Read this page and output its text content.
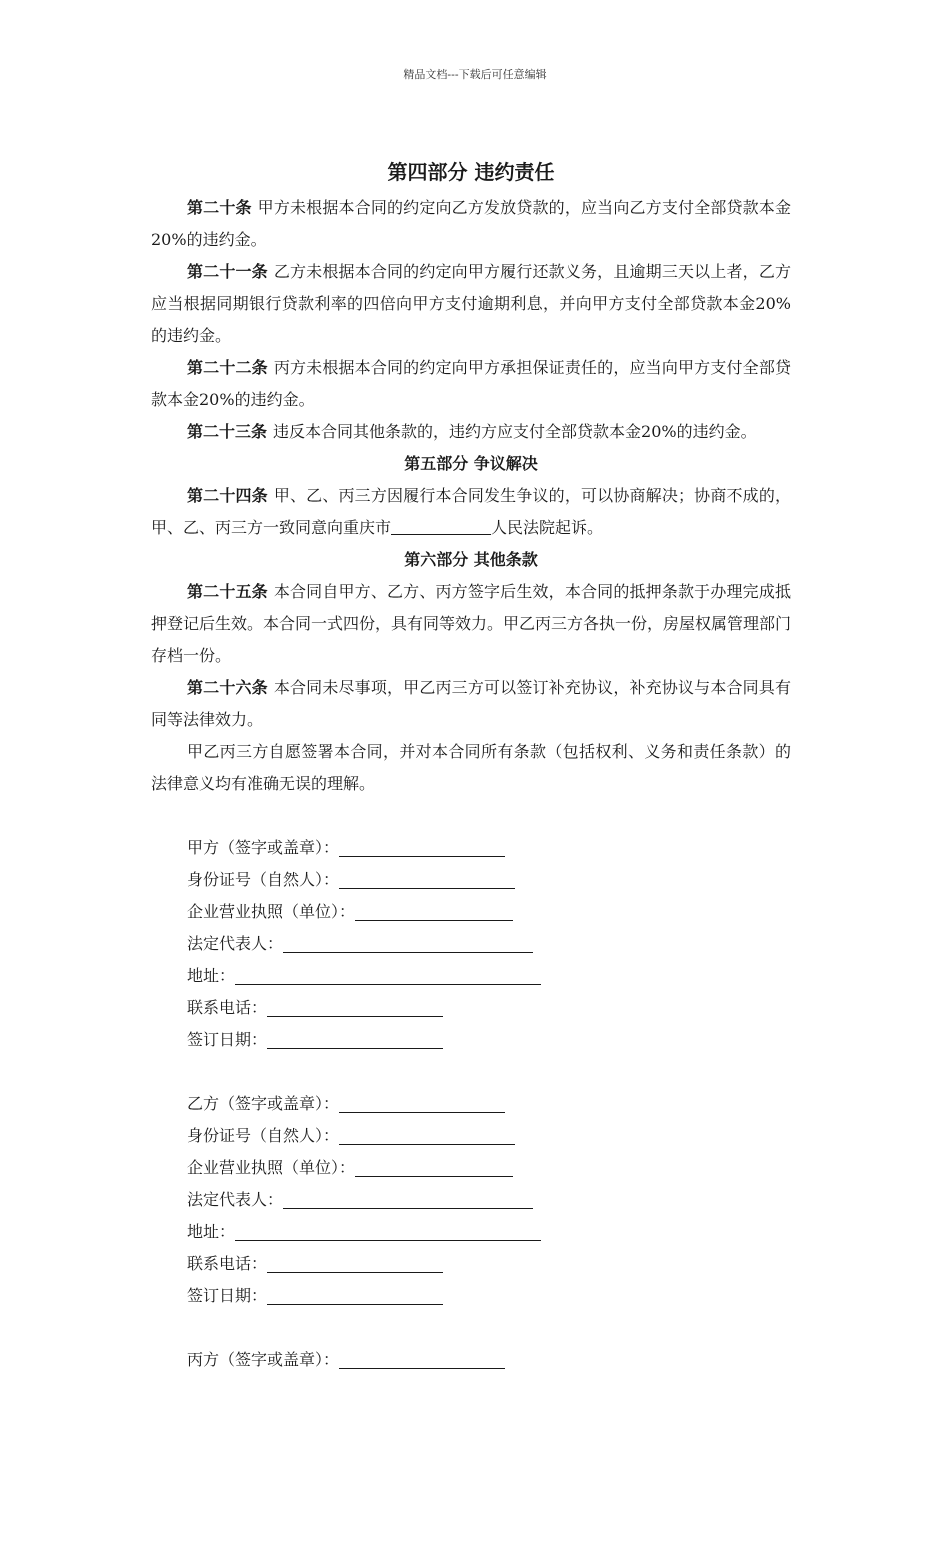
精品文档---下载后可任意编辑
第四部分 违约责任

第二十条 甲方未根据本合同的约定向乙方发放贷款的，应当向乙方支付全部贷款本金20%的违约金。

第二十一条 乙方未根据本合同的约定向甲方履行还款义务，且逾期三天以上者，乙方应当根据同期银行贷款利率的四倍向甲方支付逾期利息，并向甲方支付全部贷款本金20%的违约金。

第二十二条 丙方未根据本合同的约定向甲方承担保证责任的，应当向甲方支付全部贷款本金20%的违约金。

第二十三条 违反本合同其他条款的，违约方应支付全部贷款本金20%的违约金。

第五部分 争议解决

第二十四条 甲、乙、丙三方因履行本合同发生争议的，可以协商解决；协商不成的，甲、乙、丙三方一致同意向重庆市	人民法院起诉。

第六部分 其他条款

第二十五条 本合同自甲方、乙方、丙方签字后生效，本合同的抵押条款于办理完成抵押登记后生效。本合同一式四份，具有同等效力。甲乙丙三方各执一份，房屋权属管理部门存档一份。

第二十六条 本合同未尽事项，甲乙丙三方可以签订补充协议，补充协议与本合同具有同等法律效力。

甲乙丙三方自愿签署本合同，并对本合同所有条款（包括权利、义务和责任条款）的法律意义均有准确无误的理解。

甲方（签字或盖章）：
身份证号（自然人）：
企业营业执照（单位）：
法定代表人：
地址：
联系电话：
签订日期：
乙方（签字或盖章）：
身份证号（自然人）：
企业营业执照（单位）：
法定代表人：
地址：
联系电话：
签订日期：
丙方（签字或盖章）：
